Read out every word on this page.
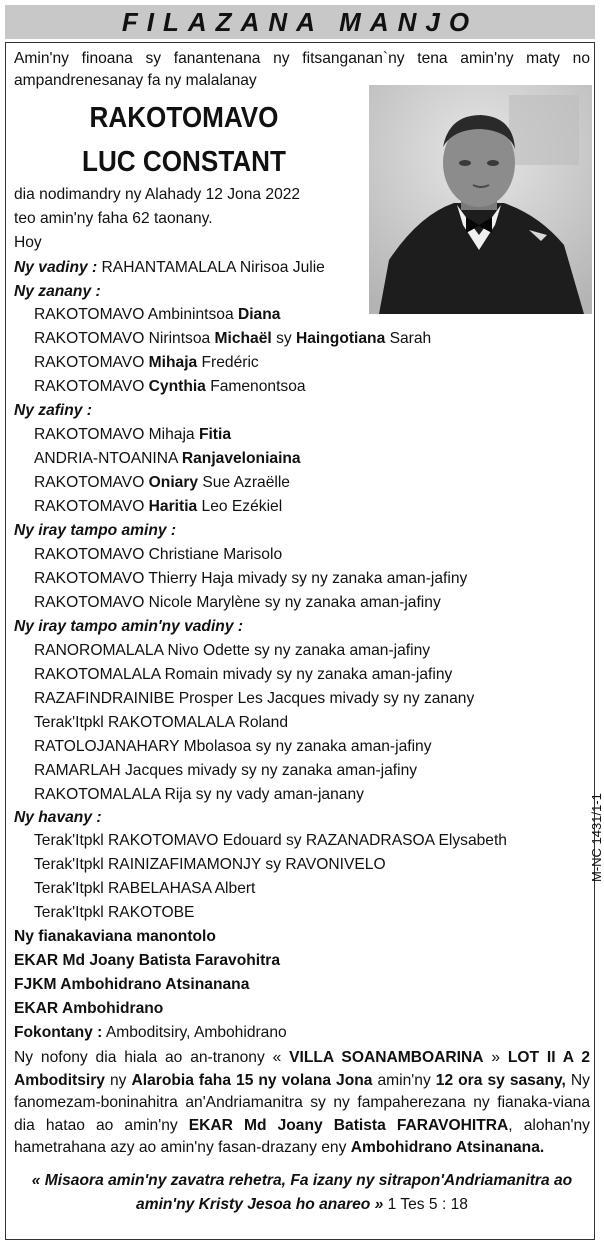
FILAZANA MANJO
Amin'ny finoana sy fanantenana ny fitsanganan`ny tena amin'ny maty no ampandrenesanay fa ny malalanay
RAKOTOMAVO
LUC CONSTANT
dia nodimandry ny Alahady 12 Jona 2022
teo amin'ny faha 62 taonany.
Hoy
Ny vadiny : RAHANTAMALALA Nirisoa Julie
Ny zanany :
RAKOTOMAVO Ambinintsoa Diana
RAKOTOMAVO Nirintsoa Michaël sy Haingotiana Sarah
RAKOTOMAVO Mihaja Fredéric
RAKOTOMAVO Cynthia Famenontsoa
Ny zafiny :
RAKOTOMAVO Mihaja Fitia
ANDRIA-NTOANINA Ranjaveloniaina
RAKOTOMAVO Oniary Sue Azraëlle
RAKOTOMAVO Haritia Leo Ezékiel
Ny iray tampo aminy :
RAKOTOMAVO Christiane Marisolo
RAKOTOMAVO Thierry Haja mivady sy ny zanaka aman-jafiny
RAKOTOMAVO Nicole Marylène sy ny zanaka aman-jafiny
Ny iray tampo amin'ny vadiny :
RANOROMALALA Nivo Odette sy ny zanaka aman-jafiny
RAKOTOMALALA Romain mivady sy ny zanaka aman-jafiny
RAZAFINDRAINIBE Prosper Les Jacques mivady sy ny zanany
Terak'Itpkl RAKOTOMALALA Roland
RATOLOJANAHARY Mbolasoa sy ny zanaka aman-jafiny
RAMARLAH Jacques mivady sy ny zanaka aman-jafiny
RAKOTOMALALA Rija sy ny vady aman-janany
Ny havany :
Terak'Itpkl RAKOTOMAVO Edouard sy RAZANADRASOA Elysabeth
Terak'Itpkl RAINIZAFIMAMONJY sy RAVONIVELO
Terak'Itpkl RABELAHASA Albert
Terak'Itpkl RAKOTOBE
Ny fianakaviana manontolo
EKAR Md Joany Batista Faravohitra
FJKM Ambohidrano Atsinanana
EKAR Ambohidrano
Fokontany : Amboditsiry, Ambohidrano
M-NC 1431/1-1
Ny nofony dia hiala ao an-tranony « VILLA SOANAMBOARINA » LOT II A 2 Amboditsiry ny Alarobia faha 15 ny volana Jona amin'ny 12 ora sy sasany, Ny fanomezam-boninahitra an'Andriamanitra sy ny fampaherezana ny fianaka-viana dia hatao ao amin'ny EKAR Md Joany Batista FARAVOHITRA, alohan'ny hametrahana azy ao amin'ny fasan-drazany eny Ambohidrano Atsinanana.
« Misaora amin'ny zavatra rehetra, Fa izany ny sitrapon'Andriamanitra ao amin'ny Kristy Jesoa ho anareo » 1 Tes 5 : 18
